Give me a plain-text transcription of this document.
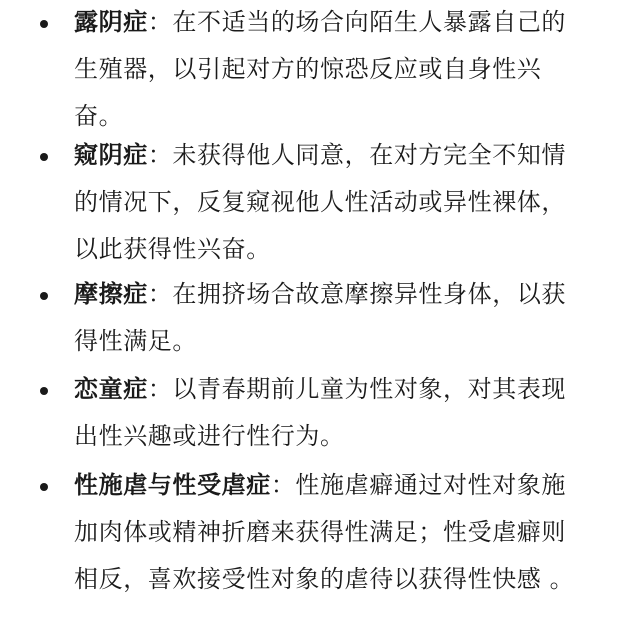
露阴症：在不适当的场合向陌生人暴露自己的生殖器，以引起对方的惊恐反应或自身性兴奋。
窥阴症：未获得他人同意，在对方完全不知情的情况下，反复窥视他人性活动或异性裸体，以此获得性兴奋。
摩擦症：在拥挤场合故意摩擦异性身体，以获得性满足。
恋童症：以青春期前儿童为性对象，对其表现出性兴趣或进行性行为。
性施虐与性受虐症：性施虐癖通过对性对象施加肉体或精神折磨来获得性满足；性受虐癖则相反，喜欢接受性对象的虐待以获得性快感 。
